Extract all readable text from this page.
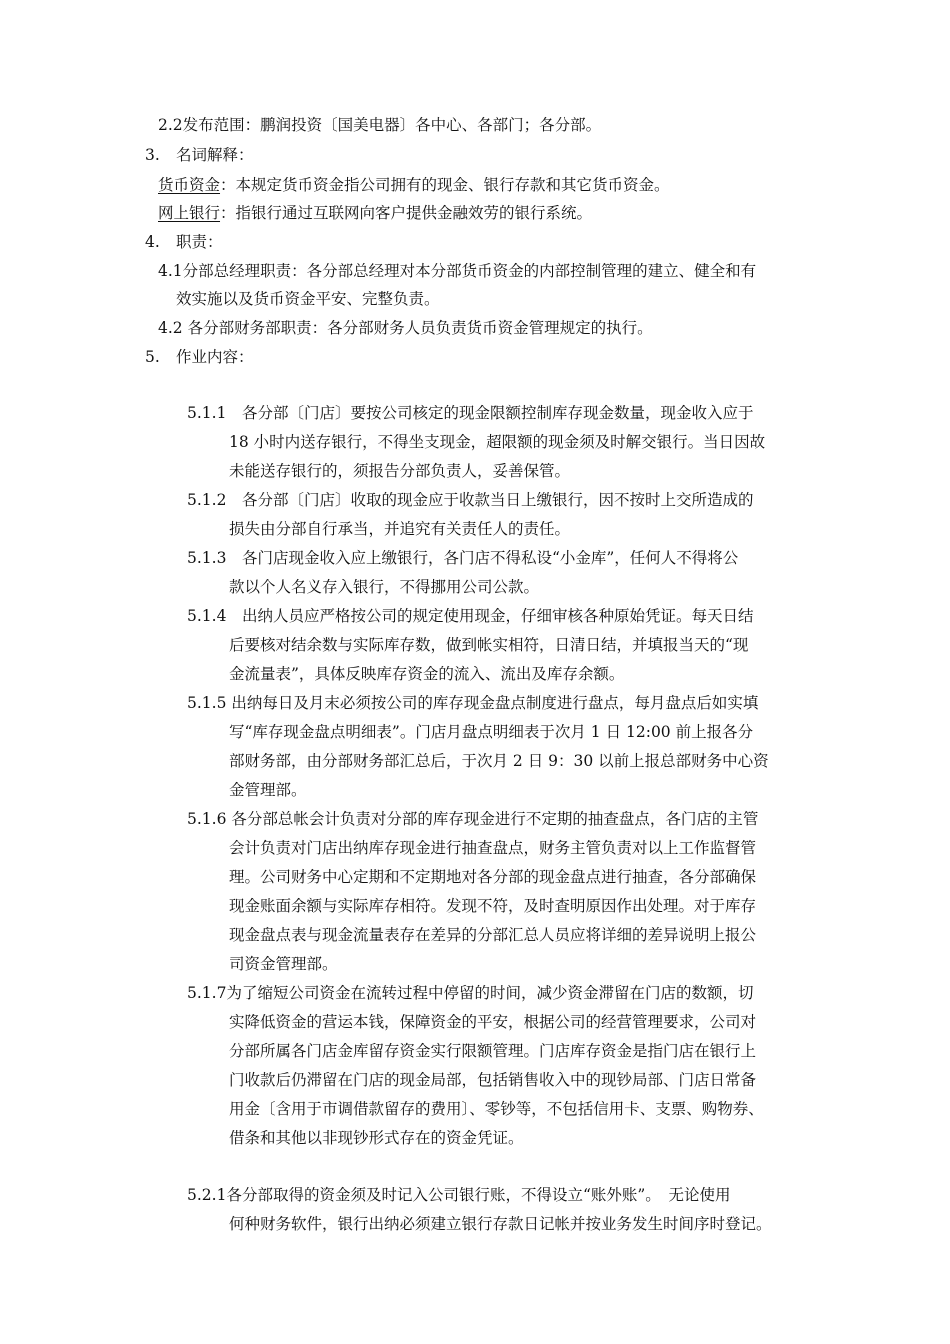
2.2发布范围：鹏润投资〔国美电器〕各中心、各部门；各分部。
3. 名词解释：
货币资金：本规定货币资金指公司拥有的现金、银行存款和其它货币资金。
网上银行：指银行通过互联网向客户提供金融效劳的银行系统。
4. 职责：
4.1分部总经理职责：各分部总经理对本分部货币资金的内部控制管理的建立、健全和有
效实施以及货币资金平安、完整负责。
4.2 各分部财务部职责：各分部财务人员负责货币资金管理规定的执行。
5. 作业内容：
5.1.1　各分部〔门店〕要按公司核定的现金限额控制库存现金数量，现金收入应于
18 小时内送存银行，不得坐支现金，超限额的现金须及时解交银行。当日因故
未能送存银行的，须报告分部负责人，妥善保管。
5.1.2　各分部〔门店〕收取的现金应于收款当日上缴银行，因不按时上交所造成的
损失由分部自行承当，并追究有关责任人的责任。
5.1.3　各门店现金收入应上缴银行，各门店不得私设“小金库”，任何人不得将公
款以个人名义存入银行，不得挪用公司公款。
5.1.4　出纳人员应严格按公司的规定使用现金，仔细审核各种原始凭证。每天日结
后要核对结余数与实际库存数，做到帐实相符，日清日结，并填报当天的“现
金流量表”，具体反映库存资金的流入、流出及库存余额。
5.1.5 出纳每日及月末必须按公司的库存现金盘点制度进行盘点，每月盘点后如实填
写“库存现金盘点明细表”。门店月盘点明细表于次月 1 日 12:00 前上报各分
部财务部，由分部财务部汇总后，于次月 2 日 9：30 以前上报总部财务中心资
金管理部。
5.1.6 各分部总帐会计负责对分部的库存现金进行不定期的抽查盘点，各门店的主管
会计负责对门店出纳库存现金进行抽查盘点，财务主管负责对以上工作监督管
理。公司财务中心定期和不定期地对各分部的现金盘点进行抽查，各分部确保
现金账面余额与实际库存相符。发现不符，及时查明原因作出处理。对于库存
现金盘点表与现金流量表存在差异的分部汇总人员应将详细的差异说明上报公
司资金管理部。
5.1.7为了缩短公司资金在流转过程中停留的时间，减少资金滞留在门店的数额，切
实降低资金的营运本钱，保障资金的平安，根据公司的经营管理要求，公司对
分部所属各门店金库留存资金实行限额管理。门店库存资金是指门店在银行上
门收款后仍滞留在门店的现金局部，包括销售收入中的现钞局部、门店日常备
用金〔含用于市调借款留存的费用〕、零钞等，不包括信用卡、支票、购物券、
借条和其他以非现钞形式存在的资金凭证。
5.2.1各分部取得的资金须及时记入公司银行账，不得设立“账外账”。　无论使用
何种财务软件，银行出纳必须建立银行存款日记帐并按业务发生时间序时登记。
